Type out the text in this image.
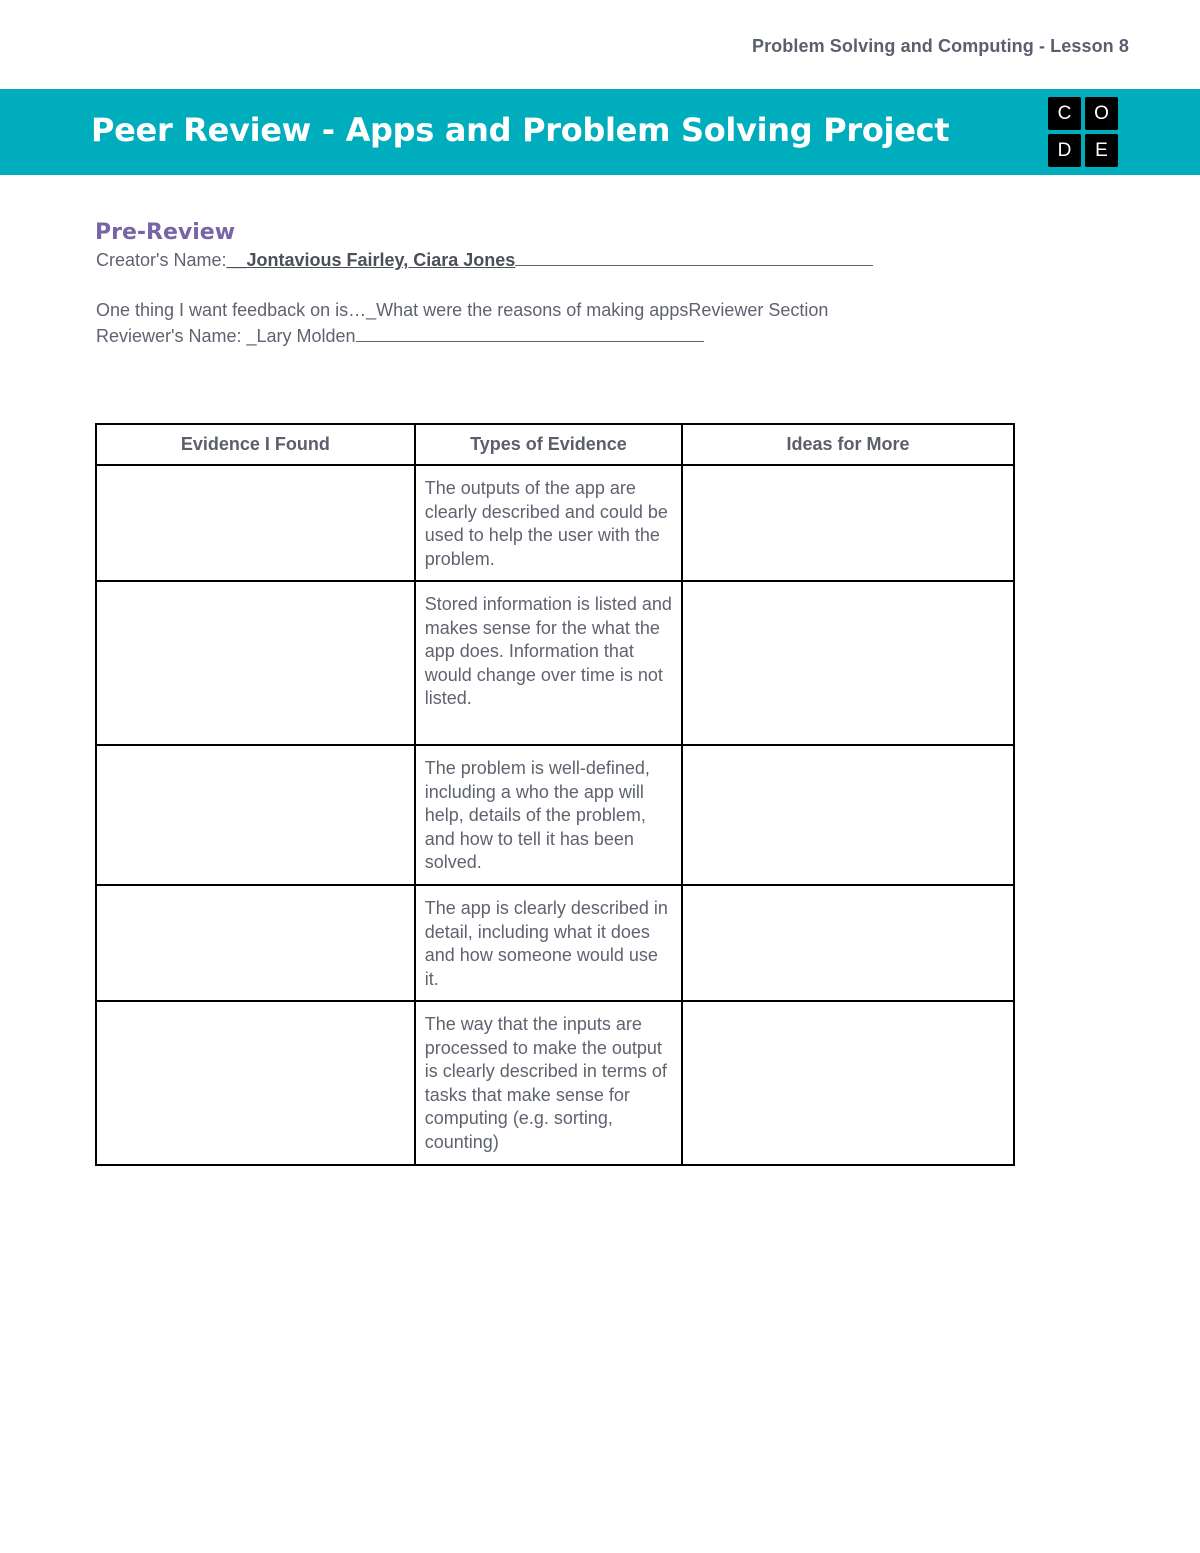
Problem Solving and Computing - Lesson 8
Peer Review - Apps and Problem Solving Project	C	O
D	E
Pre-Review
Creator's Name:__Jontavious Fairley, Ciara Jones
One thing I want feedback on is…_What were the reasons of making appsReviewer Section
Reviewer's Name: _Lary Molden
Evidence I Found	Types of Evidence	Ideas for More
	The outputs of the app are clearly described and could be used to help the user with the problem.	
	Stored information is listed and makes sense for the what the app does. Information that would change over time is not listed.	
	The problem is well-defined, including a who the app will help, details of the problem, and how to tell it has been solved.	
	The app is clearly described in detail, including what it does and how someone would use it.	
	The way that the inputs are processed to make the output is clearly described in terms of tasks that make sense for computing (e.g. sorting, counting)	
